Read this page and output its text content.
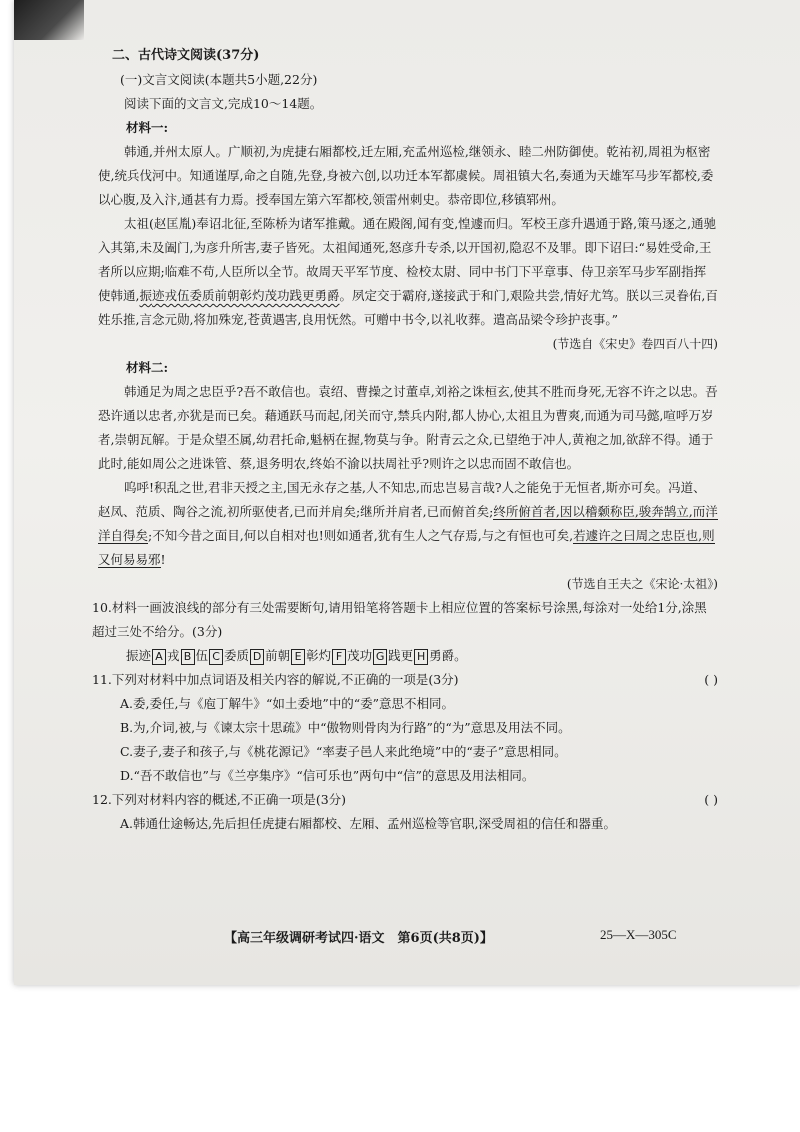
二、古代诗文阅读(37分)

(一)文言文阅读(本题共5小题,22分)

阅读下面的文言文,完成10～14题。

材料一:

韩通,并州太原人。广顺初,为虎捷右厢都校,迁左厢,充孟州巡检,继领永、睦二州防御使。乾祐初,周祖为枢密使,统兵伐河中。知通谨厚,命之自随,先登,身被六创,以功迁本军都虞候。周祖镇大名,奏通为天雄军马步军都校,委以心腹,及入汴,通甚有力焉。授奉国左第六军都校,领雷州刺史。恭帝即位,移镇郓州。

太祖(赵匡胤)奉诏北征,至陈桥为诸军推戴。通在殿阁,闻有变,惶遽而归。军校王彦升遇通于路,策马逐之,通驰入其第,未及阖门,为彦升所害,妻子皆死。太祖闻通死,怒彦升专杀,以开国初,隐忍不及罪。即下诏曰:“易姓受命,王者所以应期;临难不苟,人臣所以全节。故周天平军节度、检校太尉、同中书门下平章事、侍卫亲军马步军副指挥使韩通,振迹戎伍委质前朝彰灼茂功践更勇爵。夙定交于霸府,遂接武于和门,艰险共尝,情好尤笃。朕以三灵眷佑,百姓乐推,言念元勋,将加殊宠,苍黄遇害,良用怃然。可赠中书令,以礼收葬。遣高品梁令珍护丧事。”

(节选自《宋史》卷四百八十四)

材料二:

韩通足为周之忠臣乎?吾不敢信也。袁绍、曹操之讨董卓,刘裕之诛桓玄,使其不胜而身死,无容不许之以忠。吾恐许通以忠者,亦犹是而已矣。藉通跃马而起,闭关而守,禁兵内附,都人协心,太祖且为曹爽,而通为司马懿,喧呼万岁者,崇朝瓦解。于是众望丕属,幼君托命,魁柄在握,物莫与争。附青云之众,已望绝于冲人,黄袍之加,欲辞不得。通于此时,能如周公之进诛管、蔡,退务明农,终始不渝以扶周社乎?则许之以忠而固不敢信也。

呜呼!积乱之世,君非天授之主,国无永存之基,人不知忠,而忠岂易言哉?人之能免于无恒者,斯亦可矣。冯道、赵凤、范质、陶谷之流,初所驱使者,已而并肩矣;继所并肩者,已而俯首矣;终所俯首者,因以稽颡称臣,骏奔鹄立,而洋洋自得矣;不知今昔之面目,何以自相对也!则如通者,犹有生人之气存焉,与之有恒也可矣,若遽许之曰周之忠臣也,则又何易易邪!

(节选自王夫之《宋论·太祖》)

10.材料一画波浪线的部分有三处需要断句,请用铅笔将答题卡上相应位置的答案标号涂黑,每涂对一处给1分,涂黑超过三处不给分。(3分)

振迹 A 戎 B 伍 C 委质 D 前朝 E 彰灼 F 茂功 G 践更 H 勇爵。

11.下列对材料中加点词语及相关内容的解说,不正确的一项是(3分)	( )

A.委,委任,与《庖丁解牛》“如土委地”中的“委”意思不相同。

B.为,介词,被,与《谏太宗十思疏》中“傲物则骨肉为行路”的“为”意思及用法不同。

C.妻子,妻子和孩子,与《桃花源记》“率妻子邑人来此绝境”中的“妻子”意思相同。

D.“吾不敢信也”与《兰亭集序》“信可乐也”两句中“信”的意思及用法相同。

12.下列对材料内容的概述,不正确一项是(3分)	( )

A.韩通仕途畅达,先后担任虎捷右厢都校、左厢、孟州巡检等官职,深受周祖的信任和器重。

【高三年级调研考试四·语文　第6页(共8页)】	25—X—305C
